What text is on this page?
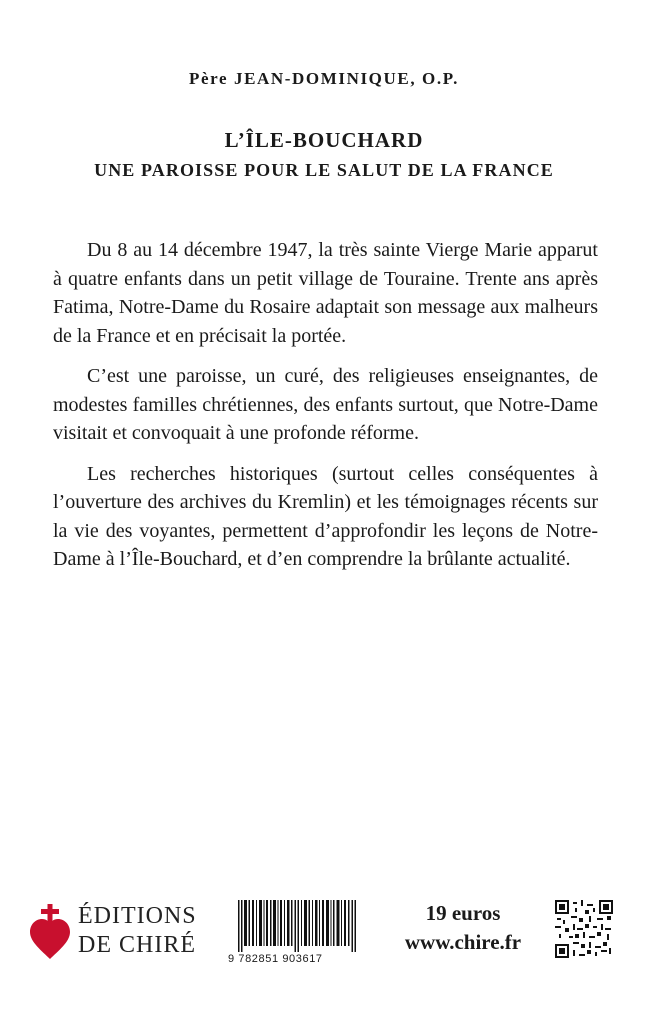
Père JEAN-DOMINIQUE, O.P.
L’ÎLE-BOUCHARD
UNE PAROISSE POUR LE SALUT DE LA FRANCE

Du 8 au 14 décembre 1947, la très sainte Vierge Marie apparut à quatre enfants dans un petit village de Touraine. Trente ans après Fatima, Notre-Dame du Rosaire adaptait son message aux malheurs de la France et en précisait la portée.

C’est une paroisse, un curé, des religieuses enseignantes, de modestes familles chrétiennes, des enfants surtout, que Notre-Dame visitait et convoquait à une profonde réforme.

Les recherches historiques (surtout celles conséquentes à l’ouverture des archives du Kremlin) et les témoignages récents sur la vie des voyantes, permettent d’approfondir les leçons de Notre-Dame à l’Île-Bouchard, et d’en comprendre la brûlante actualité.

ÉDITIONS
DE CHIRÉ
9 782851 903617
19 euros
www.chire.fr
